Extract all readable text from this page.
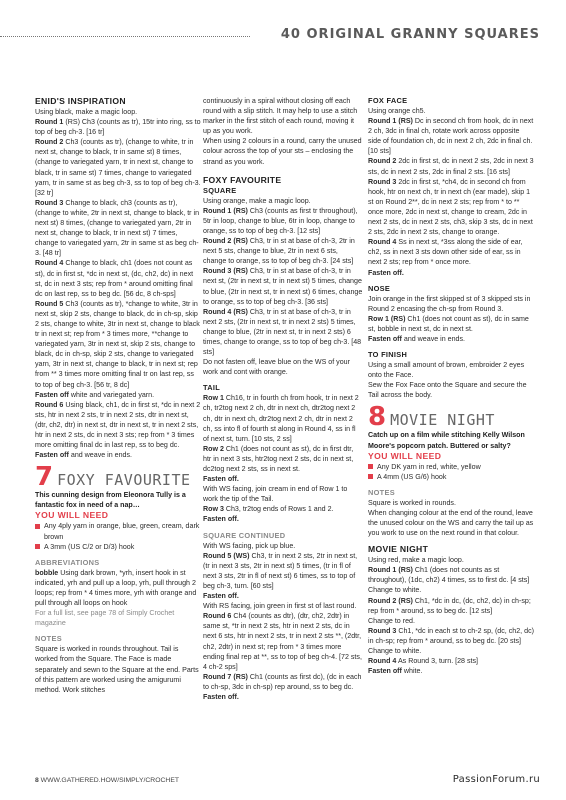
40 ORIGINAL GRANNY SQUARES
ENID'S INSPIRATION

Using black, make a magic loop.

Round 1 (RS) Ch3 (counts as tr), 15tr into ring, ss to top of beg ch-3. [16 tr]

Round 2 Ch3 (counts as tr), (change to white, tr in next st, change to black, tr in same st) 8 times, (change to variegated yarn, tr in next st, change to black, tr in same st) 7 times, change to variegated yarn, tr in same st as beg ch-3, ss to top of beg ch-3. [32 tr]

Round 3 Change to black, ch3 (counts as tr), (change to white, 2tr in next st, change to black, tr in next st) 8 times, (change to variegated yarn, 2tr in next st, change to black, tr in next st) 7 times, change to variegated yarn, 2tr in same st as beg ch-3. [48 tr]

Round 4 Change to black, ch1 (does not count as st), dc in first st, *dc in next st, (dc, ch2, dc) in next st, dc in next 3 sts; rep from * around omitting final dc on last rep, ss to beg dc. [56 dc, 8 ch-sps]

Round 5 Ch3 (counts as tr), *change to white, 3tr in next st, skip 2 sts, change to black, dc in ch-sp, skip 2 sts, change to white, 3tr in next st, change to black tr in next st; rep from * 3 times more, **change to variegated yarn, 3tr in next st, skip 2 sts, change to black, dc in ch-sp, skip 2 sts, change to variegated yarn, 3tr in next st, change to black, tr in next st; rep from ** 3 times more omitting final tr on last rep, ss to top of beg ch-3. [56 tr, 8 dc]

Fasten off white and variegated yarn.

Round 6 Using black, ch1, dc in first st, *dc in next 2 sts, htr in next 2 sts, tr in next 2 sts, dtr in next st, (dtr, ch2, dtr) in next st, dtr in next st, tr in next 2 sts, htr in next 2 sts, dc in next 3 sts; rep from * 3 times more omitting final dc in last rep, ss to beg dc.

Fasten off and weave in ends.

7 FOXY FAVOURITE

This cunning design from Eleonora Tully is a fantastic fox in need of a nap…

YOU WILL NEED
Any 4ply yarn in orange, blue, green, cream, dark brown
A 3mm (US C/2 or D/3) hook
ABBREVIATIONS

bobble Using dark brown, *yrh, insert hook in st indicated, yrh and pull up a loop, yrh, pull through 2 loops; rep from * 4 times more, yrh with orange and pull through all loops on hook

For a full list, see page 78 of Simply Crochet magazine

NOTES

Square is worked in rounds throughout. Tail is worked from the Square. The Face is made separately and sewn to the Square at the end. Parts of this pattern are worked using the amigurumi method. Work stitches

continuously in a spiral without closing off each round with a slip stitch. It may help to use a stitch marker in the first stitch of each round, moving it up as you work.
When using 2 colours in a round, carry the unused colour across the top of your sts – enclosing the strand as you work.

FOXY FAVOURITE
SQUARE

Using orange, make a magic loop.

Round 1 (RS) Ch3 (counts as first tr throughout), 5tr in loop, change to blue, 6tr in loop, change to orange, ss to top of beg ch-3. [12 sts]

Round 2 (RS) Ch3, tr in st at base of ch-3, 2tr in next 5 sts, change to blue, 2tr in next 6 sts, change to orange, ss to top of beg ch-3. [24 sts]

Round 3 (RS) Ch3, tr in st at base of ch-3, tr in next st, (2tr in next st, tr in next st) 5 times, change to blue, (2tr in next st, tr in next st) 6 times, change to orange, ss to top of beg ch-3. [36 sts]

Round 4 (RS) Ch3, tr in st at base of ch-3, tr in next 2 sts, (2tr in next st, tr in next 2 sts) 5 times, change to blue, (2tr in next st, tr in next 2 sts) 6 times, change to orange, ss to top of beg ch-3. [48 sts]

Do not fasten off, leave blue on the WS of your work and cont with orange.

TAIL

Row 1 Ch16, tr in fourth ch from hook, tr in next 2 ch, tr2tog next 2 ch, dtr in next ch, dtr2tog next 2 ch, dtr in next ch, dtr2tog next 2 ch, dtr in next 2 ch, ss into fl of fourth st along in Round 4, ss in fl of next st, turn. [10 sts, 2 ss]

Row 2 Ch1 (does not count as st), dc in first dtr, htr in next 3 sts, htr2tog next 2 sts, dc in next st, dc2tog next 2 sts, ss in next st.

Fasten off.

With WS facing, join cream in end of Row 1 to work the tip of the Tail.

Row 3 Ch3, tr2tog ends of Rows 1 and 2.

Fasten off.

SQUARE CONTINUED

With WS facing, pick up blue.

Round 5 (WS) Ch3, tr in next 2 sts, 2tr in next st, (tr in next 3 sts, 2tr in next st) 5 times, (tr in fl of next 3 sts, 2tr in fl of next st) 6 times, ss to top of beg ch-3, turn. [60 sts]

Fasten off.

With RS facing, join green in first st of last round.

Round 6 Ch4 (counts as dtr), (dtr, ch2, 2dtr) in same st, *tr in next 2 sts, htr in next 2 sts, dc in next 6 sts, htr in next 2 sts, tr in next 2 sts **, (2dtr, ch2, 2dtr) in next st; rep from * 3 times more ending final rep at **, ss to top of beg ch-4. [72 sts, 4 ch-2 sps]

Round 7 (RS) Ch1 (counts as first dc), (dc in each to ch-sp, 3dc in ch-sp) rep around, ss to beg dc.

Fasten off.

FOX FACE

Using orange ch5.

Round 1 (RS) Dc in second ch from hook, dc in next 2 ch, 3dc in final ch, rotate work across opposite side of foundation ch, dc in next 2 ch, 2dc in final ch. [10 sts]

Round 2 2dc in first st, dc in next 2 sts, 2dc in next 3 sts, dc in next 2 sts, 2dc in final 2 sts. [16 sts]

Round 3 2dc in first st, *ch4, dc in second ch from hook, htr on next ch, tr in next ch (ear made), skip 1 st on Round 2**, dc in next 2 sts; rep from * to ** once more, 2dc in next st, change to cream, 2dc in next 2 sts, dc in next 2 sts, ch3, skip 3 sts, dc in next 2 sts, 2dc in next 2 sts, change to orange.

Round 4 Ss in next st, *3ss along the side of ear, ch2, ss in next 3 sts down other side of ear, ss in next 2 sts; rep from * once more.

Fasten off.

NOSE

Join orange in the first skipped st of 3 skipped sts in Round 2 encasing the ch-sp from Round 3.

Row 1 (RS) Ch1 (does not count as st), dc in same st, bobble in next st, dc in next st.

Fasten off and weave in ends.

TO FINISH

Using a small amount of brown, embroider 2 eyes onto the Face.
Sew the Fox Face onto the Square and secure the Tail across the body.

8 MOVIE NIGHT

Catch up on a film while stitching Kelly Wilson Moore's popcorn patch. Buttered or salty?

YOU WILL NEED
Any DK yarn in red, white, yellow
A 4mm (US G/6) hook
NOTES

Square is worked in rounds.
When changing colour at the end of the round, leave the unused colour on the WS and carry the tail up as you work to use on the next round in that colour.

MOVIE NIGHT

Using red, make a magic loop.

Round 1 (RS) Ch1 (does not counts as st throughout), (1dc, ch2) 4 times, ss to first dc. [4 sts]

Change to white.

Round 2 (RS) Ch1, *dc in dc, (dc, ch2, dc) in ch-sp; rep from * around, ss to beg dc. [12 sts]

Change to red.

Round 3 Ch1, *dc in each st to ch-2 sp, (dc, ch2, dc) in ch-sp; rep from * around, ss to beg dc. [20 sts]

Change to white.

Round 4 As Round 3, turn. [28 sts]

Fasten off white.

8 WWW.GATHERED.HOW/SIMPLY/CROCHET	PassionForum.ru
